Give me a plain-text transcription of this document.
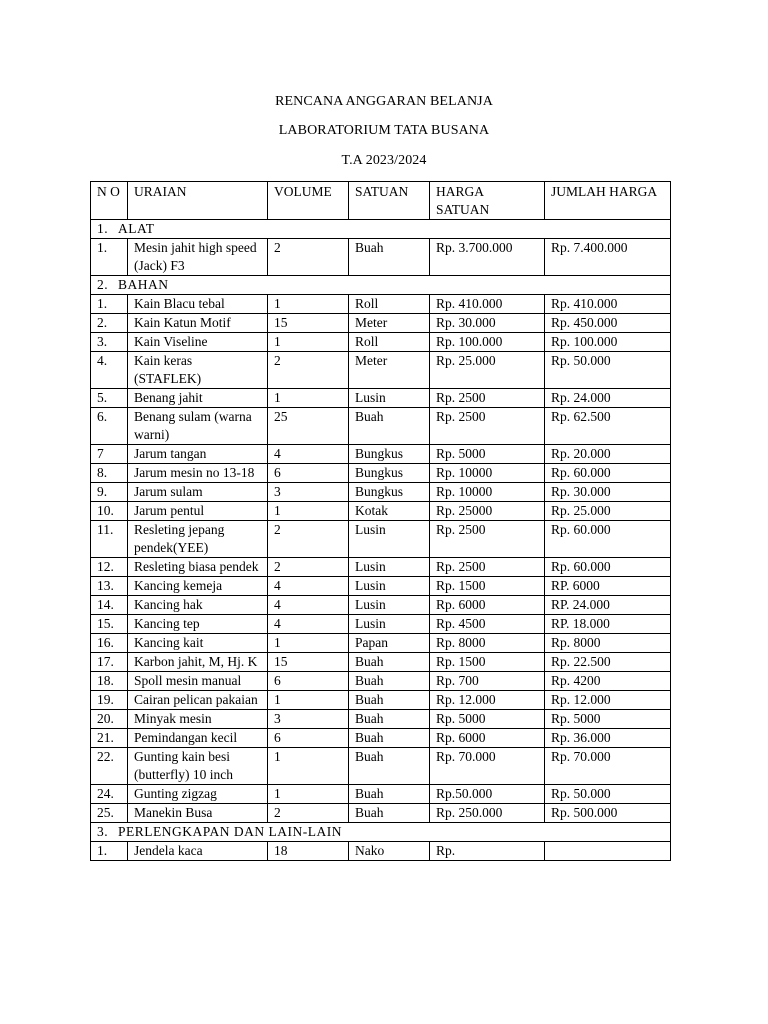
RENCANA ANGGARAN BELANJA
LABORATORIUM TATA BUSANA
T.A 2023/2024
N O	URAIAN	VOLUME	SATUAN	HARGA SATUAN	JUMLAH HARGA
1. ALAT					
1.	Mesin jahit high speed (Jack) F3	2	Buah	Rp. 3.700.000	Rp. 7.400.000
2. BAHAN					
1.	Kain Blacu tebal	1	Roll	Rp. 410.000	Rp. 410.000
2.	Kain Katun Motif	15	Meter	Rp. 30.000	Rp. 450.000
3.	Kain Viseline	1	Roll	Rp. 100.000	Rp. 100.000
4.	Kain keras (STAFLEK)	2	Meter	Rp. 25.000	Rp. 50.000
5.	Benang jahit	1	Lusin	Rp. 2500	Rp. 24.000
6.	Benang sulam (warna warni)	25	Buah	Rp. 2500	Rp. 62.500
7	Jarum tangan	4	Bungkus	Rp. 5000	Rp. 20.000
8.	Jarum mesin no 13-18	6	Bungkus	Rp. 10000	Rp. 60.000
9.	Jarum sulam	3	Bungkus	Rp. 10000	Rp. 30.000
10.	Jarum pentul	1	Kotak	Rp. 25000	Rp. 25.000
11.	Resleting jepang pendek(YEE)	2	Lusin	Rp. 2500	Rp. 60.000
12.	Resleting biasa pendek	2	Lusin	Rp. 2500	Rp. 60.000
13.	Kancing kemeja	4	Lusin	Rp. 1500	RP. 6000
14.	Kancing hak	4	Lusin	Rp. 6000	RP. 24.000
15.	Kancing tep	4	Lusin	Rp. 4500	RP. 18.000
16.	Kancing kait	1	Papan	Rp. 8000	Rp. 8000
17.	Karbon jahit, M, Hj. K	15	Buah	Rp. 1500	Rp. 22.500
18.	Spoll mesin manual	6	Buah	Rp. 700	Rp. 4200
19.	Cairan pelican pakaian	1	Buah	Rp. 12.000	Rp. 12.000
20.	Minyak mesin	3	Buah	Rp. 5000	Rp. 5000
21.	Pemindangan kecil	6	Buah	Rp. 6000	Rp. 36.000
22.	Gunting kain besi (butterfly) 10 inch	1	Buah	Rp. 70.000	Rp. 70.000
24.	Gunting zigzag	1	Buah	Rp.50.000	Rp. 50.000
25.	Manekin Busa	2	Buah	Rp. 250.000	Rp. 500.000
3. PERLENGKAPAN DAN LAIN-LAIN					
1.	Jendela kaca	18	Nako	Rp.	
